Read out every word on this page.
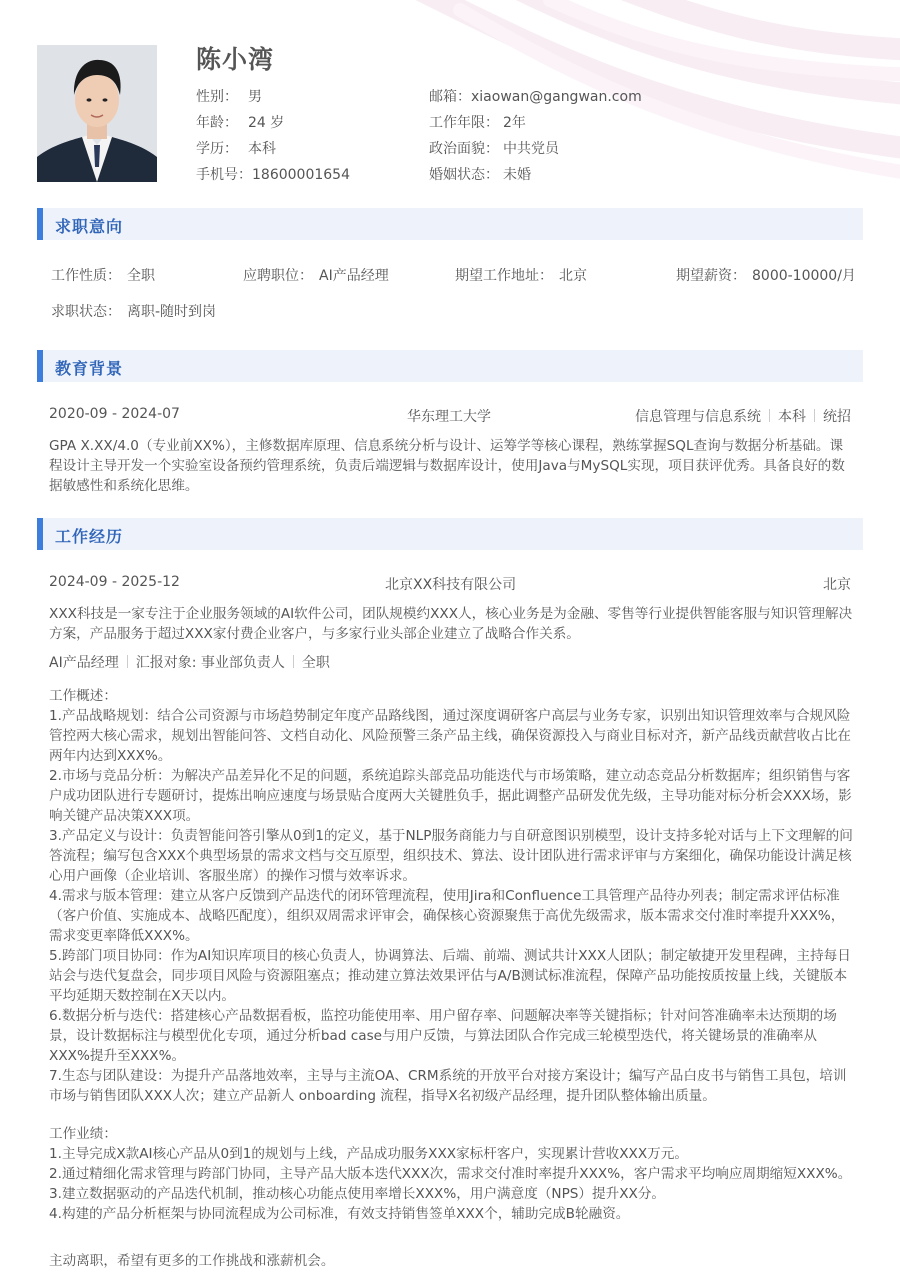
陈小湾
性别： 男
年龄： 24 岁
学历： 本科
手机号：18600001654
邮箱：xiaowan@gangwan.com
工作年限： 2年
政治面貌： 中共党员
婚姻状态： 未婚
求职意向
工作性质： 全职	应聘职位： AI产品经理	期望工作地址： 北京	期望薪资： 8000-10000/月
求职状态： 离职-随时到岗
教育背景
2020-09 - 2024-07	华东理工大学	信息管理与信息系统 本科 统招
GPA X.XX/4.0（专业前XX%），主修数据库原理、信息系统分析与设计、运筹学等核心课程，熟练掌握SQL查询与数据分析基础。课程设计主导开发一个实验室设备预约管理系统，负责后端逻辑与数据库设计，使用Java与MySQL实现，项目获评优秀。具备良好的数据敏感性和系统化思维。
工作经历
2024-09 - 2025-12	北京XX科技有限公司	北京
XXX科技是一家专注于企业服务领域的AI软件公司，团队规模约XXX人，核心业务是为金融、零售等行业提供智能客服与知识管理解决方案，产品服务于超过XXX家付费企业客户，与多家行业头部企业建立了战略合作关系。
AI产品经理 汇报对象: 事业部负责人 全职

工作概述：

1.产品战略规划：结合公司资源与市场趋势制定年度产品路线图，通过深度调研客户高层与业务专家，识别出知识管理效率与合规风险管控两大核心需求，规划出智能问答、文档自动化、风险预警三条产品主线，确保资源投入与商业目标对齐，新产品线贡献营收占比在两年内达到XXX%。

2.市场与竞品分析：为解决产品差异化不足的问题，系统追踪头部竞品功能迭代与市场策略，建立动态竞品分析数据库；组织销售与客户成功团队进行专题研讨，提炼出响应速度与场景贴合度两大关键胜负手，据此调整产品研发优先级，主导功能对标分析会XXX场，影响关键产品决策XXX项。

3.产品定义与设计：负责智能问答引擎从0到1的定义，基于NLP服务商能力与自研意图识别模型，设计支持多轮对话与上下文理解的问答流程；编写包含XXX个典型场景的需求文档与交互原型，组织技术、算法、设计团队进行需求评审与方案细化，确保功能设计满足核心用户画像（企业培训、客服坐席）的操作习惯与效率诉求。

4.需求与版本管理：建立从客户反馈到产品迭代的闭环管理流程，使用Jira和Confluence工具管理产品待办列表；制定需求评估标准（客户价值、实施成本、战略匹配度），组织双周需求评审会，确保核心资源聚焦于高优先级需求，版本需求交付准时率提升XXX%，需求变更率降低XXX%。

5.跨部门项目协同：作为AI知识库项目的核心负责人，协调算法、后端、前端、测试共计XXX人团队；制定敏捷开发里程碑，主持每日站会与迭代复盘会，同步项目风险与资源阻塞点；推动建立算法效果评估与A/B测试标准流程，保障产品功能按质按量上线，关键版本平均延期天数控制在X天以内。

6.数据分析与迭代：搭建核心产品数据看板，监控功能使用率、用户留存率、问题解决率等关键指标；针对问答准确率未达预期的场景，设计数据标注与模型优化专项，通过分析bad case与用户反馈，与算法团队合作完成三轮模型迭代，将关键场景的准确率从XXX%提升至XXX%。

7.生态与团队建设：为提升产品落地效率，主导与主流OA、CRM系统的开放平台对接方案设计；编写产品白皮书与销售工具包，培训市场与销售团队XXX人次；建立产品新人 onboarding 流程，指导X名初级产品经理，提升团队整体输出质量。

工作业绩：

1.主导完成X款AI核心产品从0到1的规划与上线，产品成功服务XXX家标杆客户，实现累计营收XXX万元。

2.通过精细化需求管理与跨部门协同，主导产品大版本迭代XXX次，需求交付准时率提升XXX%，客户需求平均响应周期缩短XXX%。

3.建立数据驱动的产品迭代机制，推动核心功能点使用率增长XXX%，用户满意度（NPS）提升XX分。

4.构建的产品分析框架与协同流程成为公司标准，有效支持销售签单XXX个，辅助完成B轮融资。

主动离职，希望有更多的工作挑战和涨薪机会。
